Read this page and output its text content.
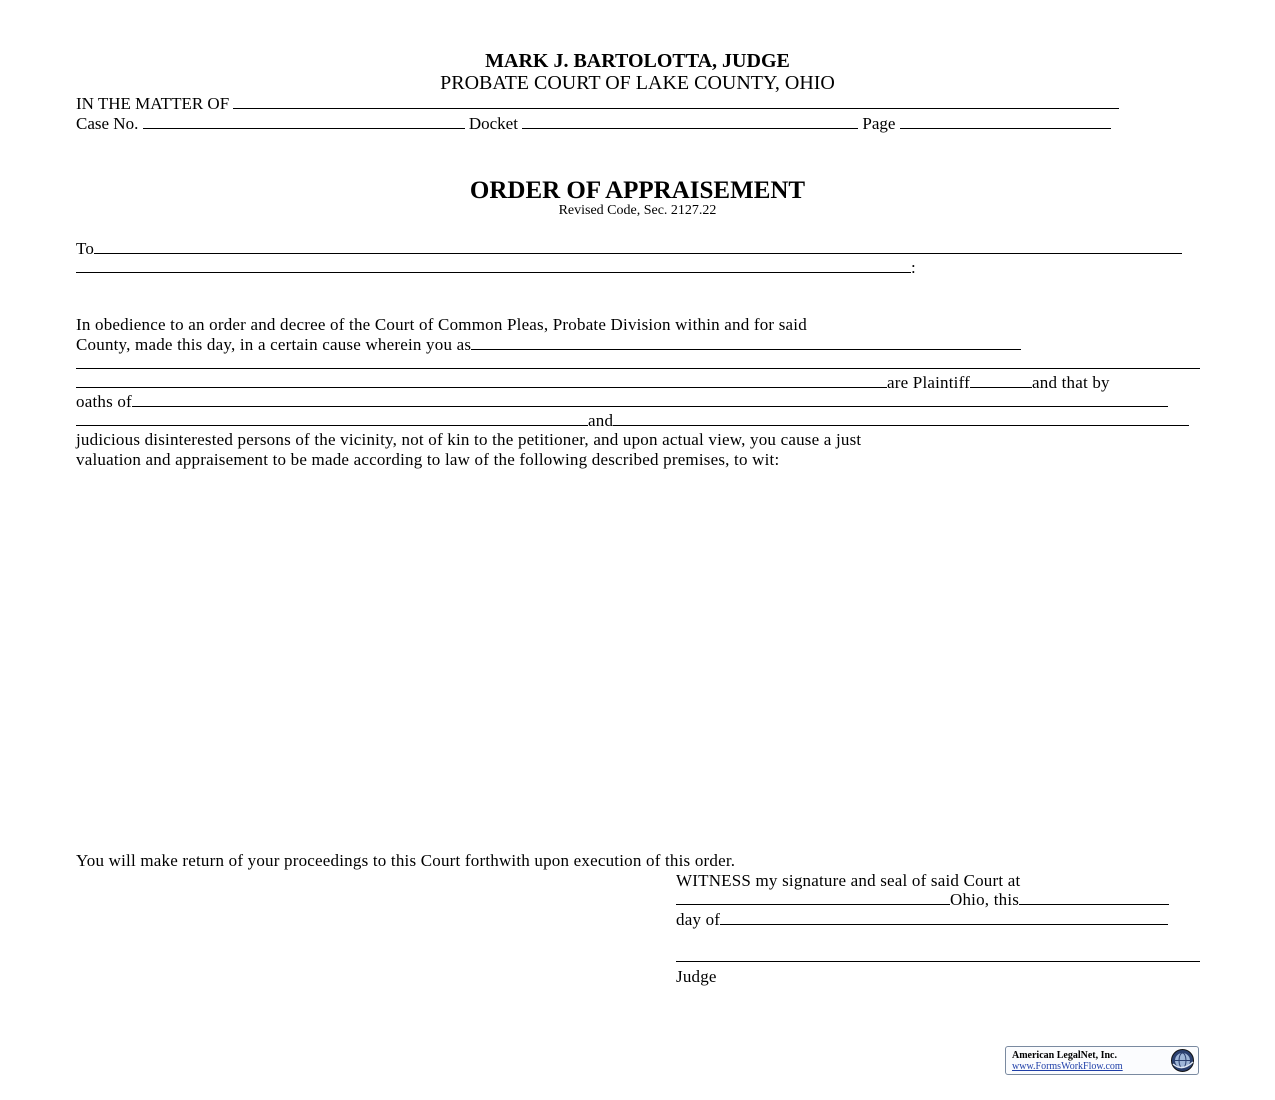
MARK J. BARTOLOTTA, JUDGE
PROBATE COURT OF LAKE COUNTY, OHIO
IN THE MATTER OF
Case No.	Docket	Page
ORDER OF APPRAISEMENT
Revised Code, Sec. 2127.22
To
:
In obedience to an order and decree of the Court of Common Pleas, Probate Division within and for said
County, made this day, in a certain cause wherein you as
are Plaintiff	and that by
oaths of
and
judicious disinterested persons of the vicinity, not of kin to the petitioner, and upon actual view, you cause a just
valuation and appraisement to be made according to law of the following described premises, to wit:
You will make return of your proceedings to this Court forthwith upon execution of this order.
WITNESS my signature and seal of said Court at
Ohio, this
day of
Judge
American LegalNet, Inc.
www.FormsWorkFlow.com
